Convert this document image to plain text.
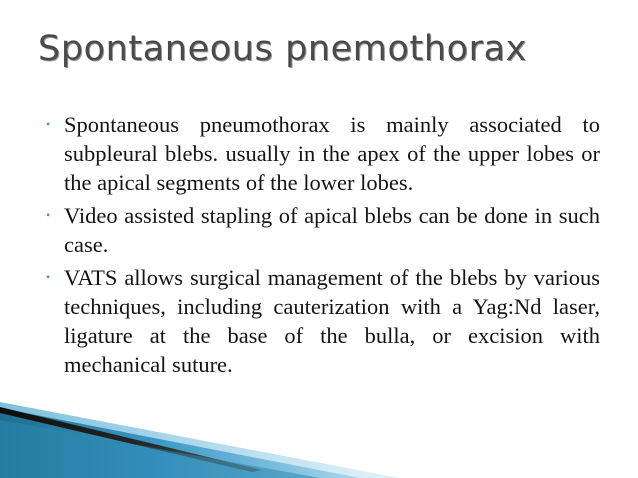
Spontaneous pnemothorax
• Spontaneous pneumothorax is mainly associated to subpleural blebs. usually in the apex of the upper lobes or the apical segments of the lower lobes.
• Video assisted stapling of apical blebs can be done in such case.
• VATS allows surgical management of the blebs by various techniques, including cauterization with a Yag:Nd laser, ligature at the base of the bulla, or excision with mechanical suture.
